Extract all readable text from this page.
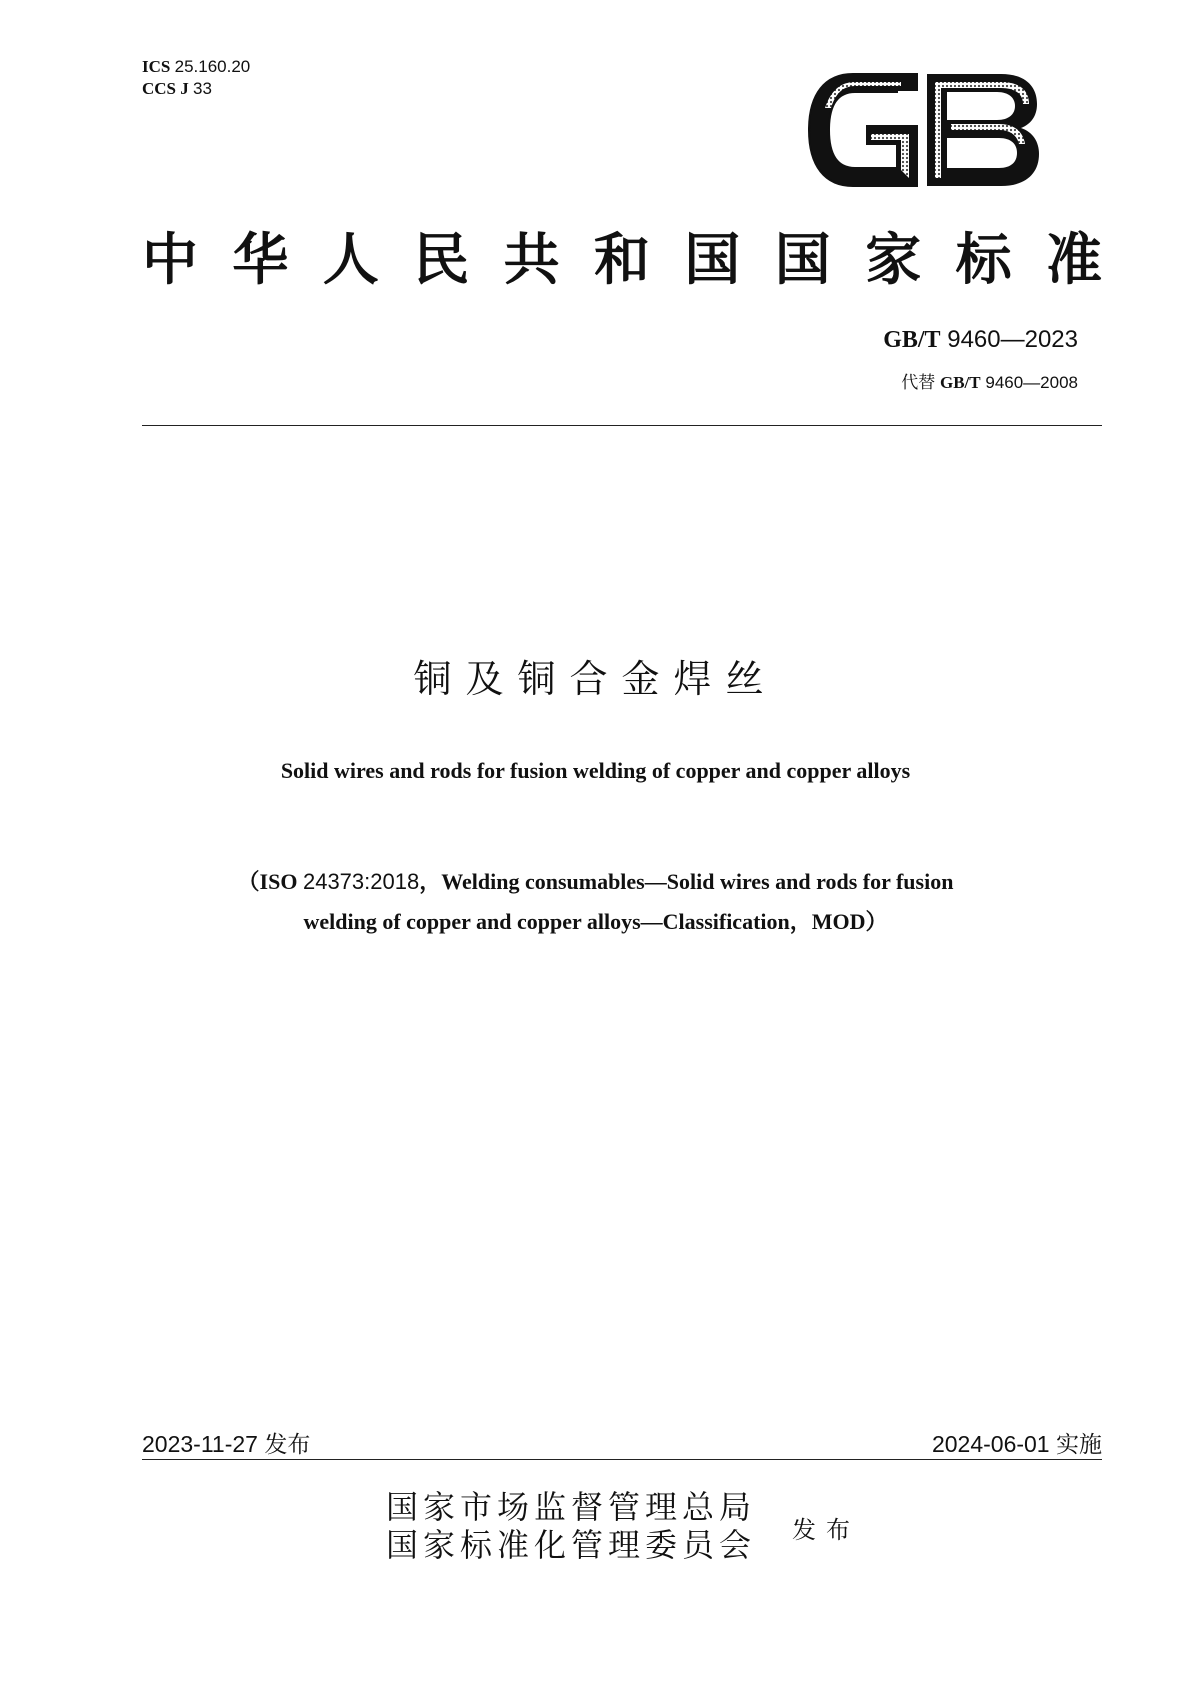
ICS 25.160.20
CCS J 33
中华人民共和国国家标准
GB/T 9460—2023
代替 GB/T 9460—2008
铜及铜合金焊丝
Solid wires and rods for fusion welding of copper and copper alloys
（ISO 24373:2018，Welding consumables—Solid wires and rods for fusion
welding of copper and copper alloys—Classification，MOD）
2023-11-27 发布	2024-06-01 实施
国家市场监督管理总局
国家标准化管理委员会 发布
